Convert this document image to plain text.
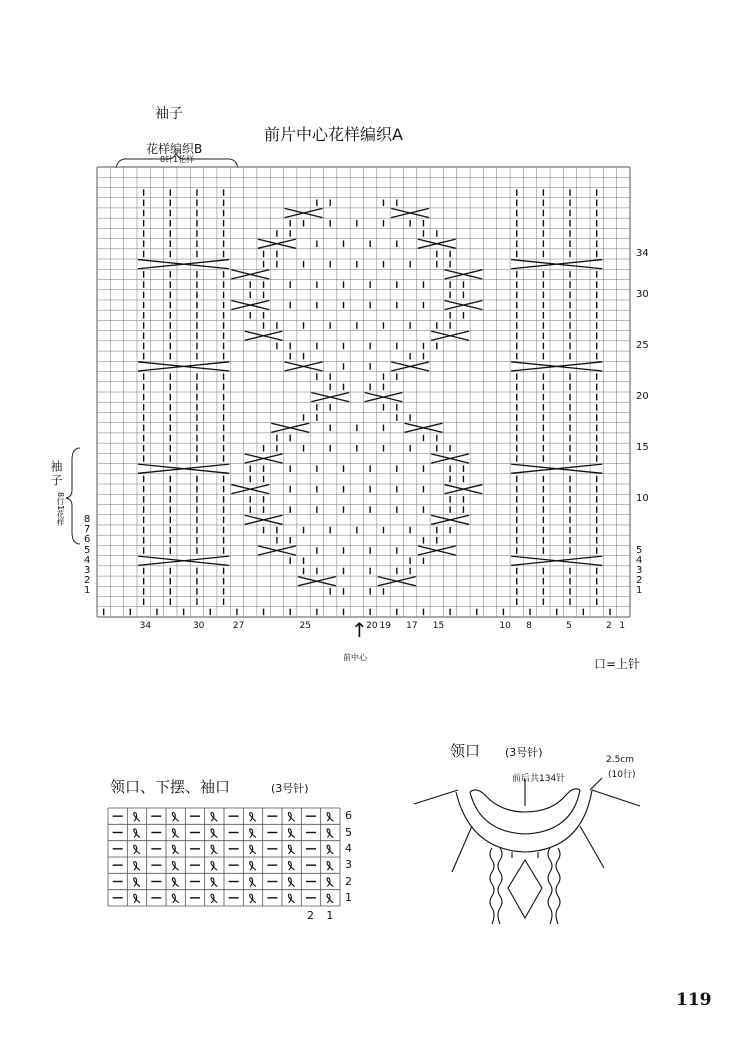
袖子
前片中心花样编织A
花样编织B
8针1花样
8
7
6
5
4
3
2
1
袖子
8行1花样
34
30
25
20
15
10
5
4
3
2
1
34	30	27	25	20 19 17 15	10 8	5	2 1
↑
前中心	口=上针
领口、下摆、袖口	(3号针)
6
5
4
3
2
1
2 1
领口 (3号针)
前后共134针
2.5cm
(10行)
119
